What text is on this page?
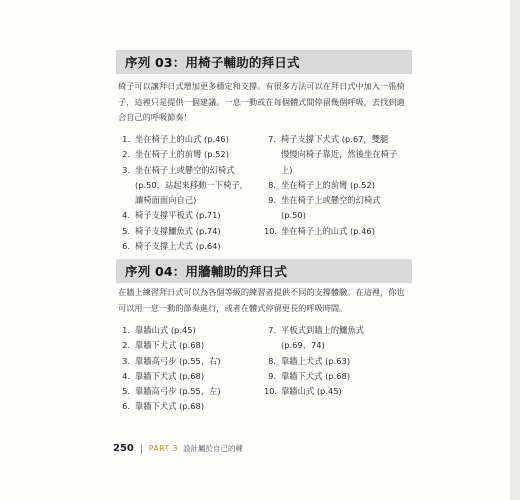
序列 03：用椅子輔助的拜日式

椅子可以讓拜日式增加更多穩定和支撐。有很多方法可以在拜日式中加入一張椅子，這裡只是提供一個建議。一息一動或在每個體式間停留幾個呼吸，去找到適合自己的呼吸節奏！

1. 坐在椅子上的山式 (p.46)
2. 坐在椅子上的前彎 (p.52)
3. 坐在椅子上或懸空的幻椅式
(p.50，站起來移動一下椅子，
讓椅面面向自己)
4. 椅子支撐平板式 (p.71)
5. 椅子支撐鱷魚式 (p.74)
6. 椅子支撐上犬式 (p.64)
7. 椅子支撐下犬式 (p.67，雙腿
慢慢向椅子靠近，然後坐在椅子
上)
8. 坐在椅子上的前彎 (p.52)
9. 坐在椅子上或懸空的幻椅式
(p.50)
10. 坐在椅子上的山式 (p.46)
序列 04：用牆輔助的拜日式

在牆上練習拜日式可以為各個等級的練習者提供不同的支撐體驗。在這裡，你也可以用一息一動的節奏進行，或者在體式停留更長的呼吸時間。

1. 靠牆山式 (p.45)
2. 靠牆下犬式 (p.68)
3. 靠牆高弓步 (p.55，右)
4. 靠牆下犬式 (p.68)
5. 靠牆高弓步 (p.55，左)
6. 靠牆下犬式 (p.68)
7. 平板式到牆上的鱷魚式
(p.69、74)
8. 靠牆上犬式 (p.63)
9. 靠牆下犬式 (p.68)
10. 靠牆山式 (p.45)
250 PART 3 設計屬於自己的練
